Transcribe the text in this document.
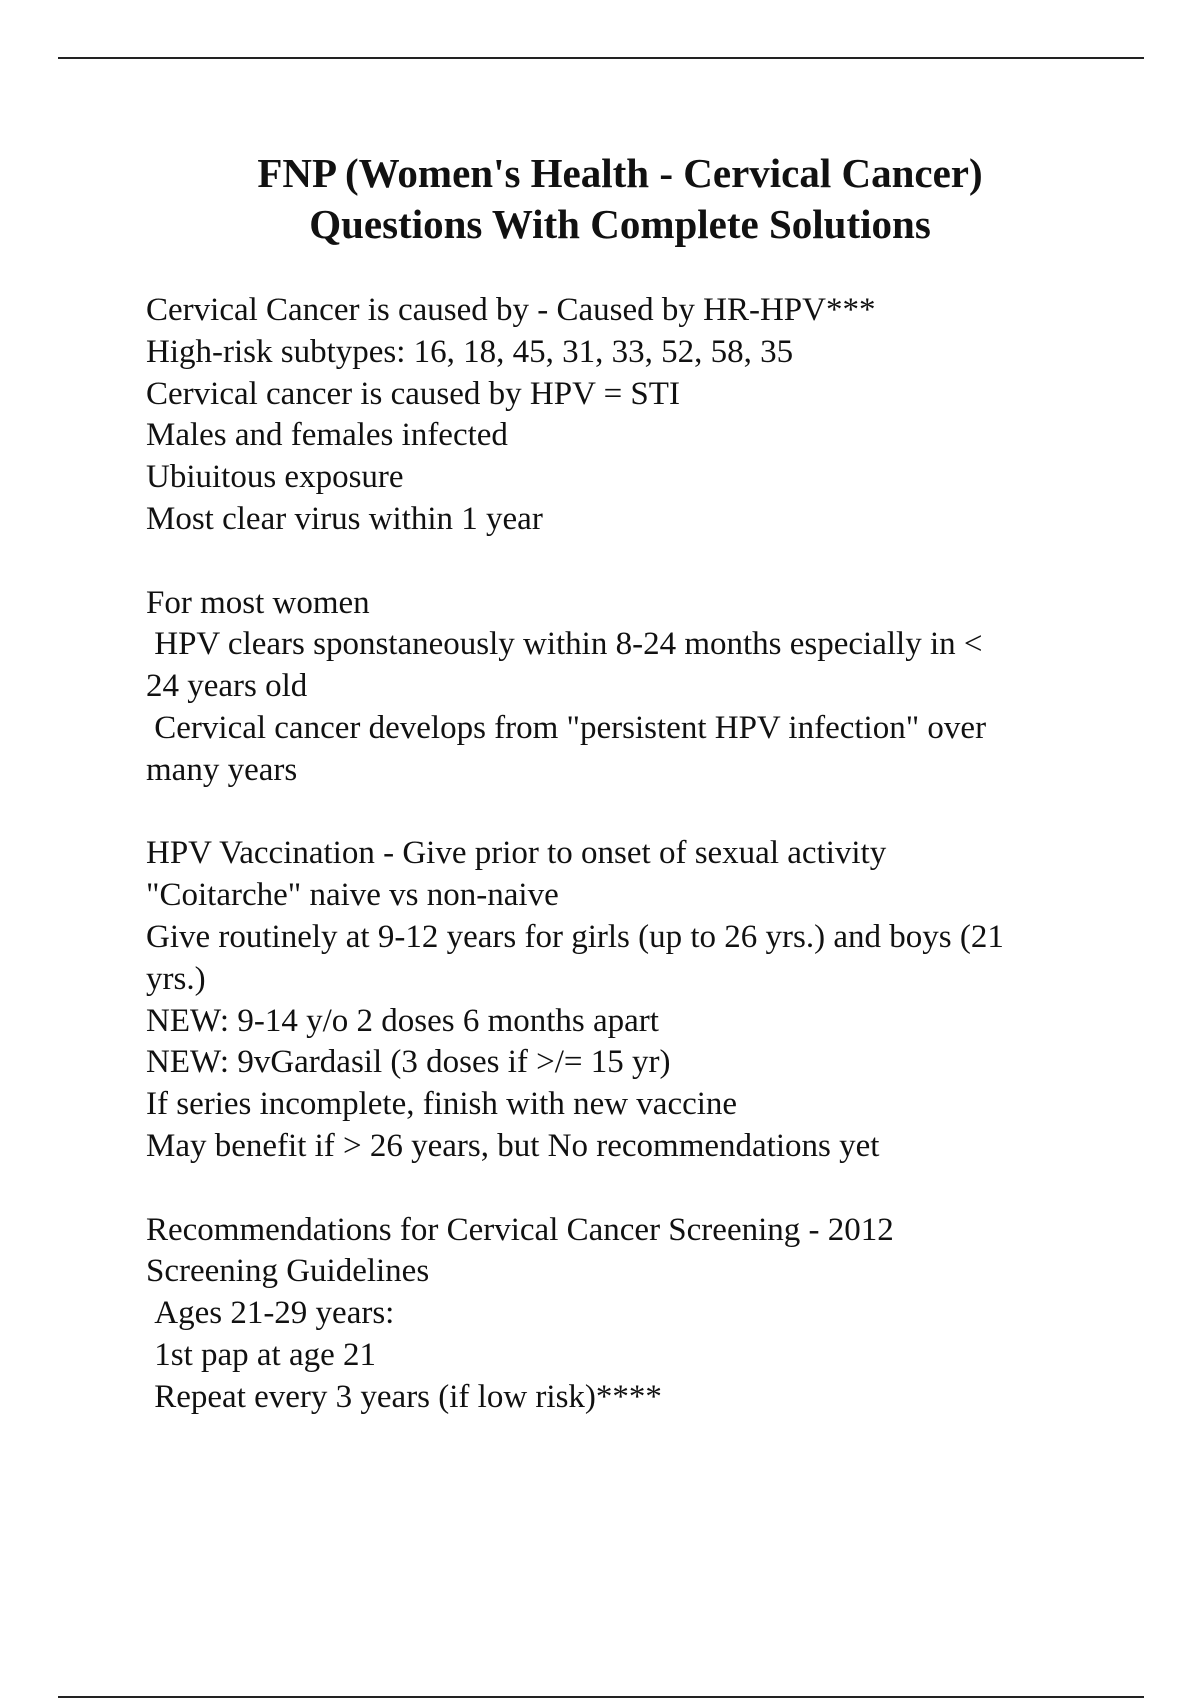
FNP (Women's Health - Cervical Cancer)
Questions With Complete Solutions
Cervical Cancer is caused by - Caused by HR-HPV***
High-risk subtypes: 16, 18, 45, 31, 33, 52, 58, 35
Cervical cancer is caused by HPV = STI
Males and females infected
Ubiuitous exposure
Most clear virus within 1 year
For most women
HPV clears sponstaneously within 8-24 months especially in <
24 years old
Cervical cancer develops from "persistent HPV infection" over
many years
HPV Vaccination - Give prior to onset of sexual activity
"Coitarche" naive vs non-naive
Give routinely at 9-12 years for girls (up to 26 yrs.) and boys (21
yrs.)
NEW: 9-14 y/o 2 doses 6 months apart
NEW: 9vGardasil (3 doses if >/= 15 yr)
If series incomplete, finish with new vaccine
May benefit if > 26 years, but No recommendations yet
Recommendations for Cervical Cancer Screening - 2012
Screening Guidelines
Ages 21-29 years:
1st pap at age 21
Repeat every 3 years (if low risk)****
